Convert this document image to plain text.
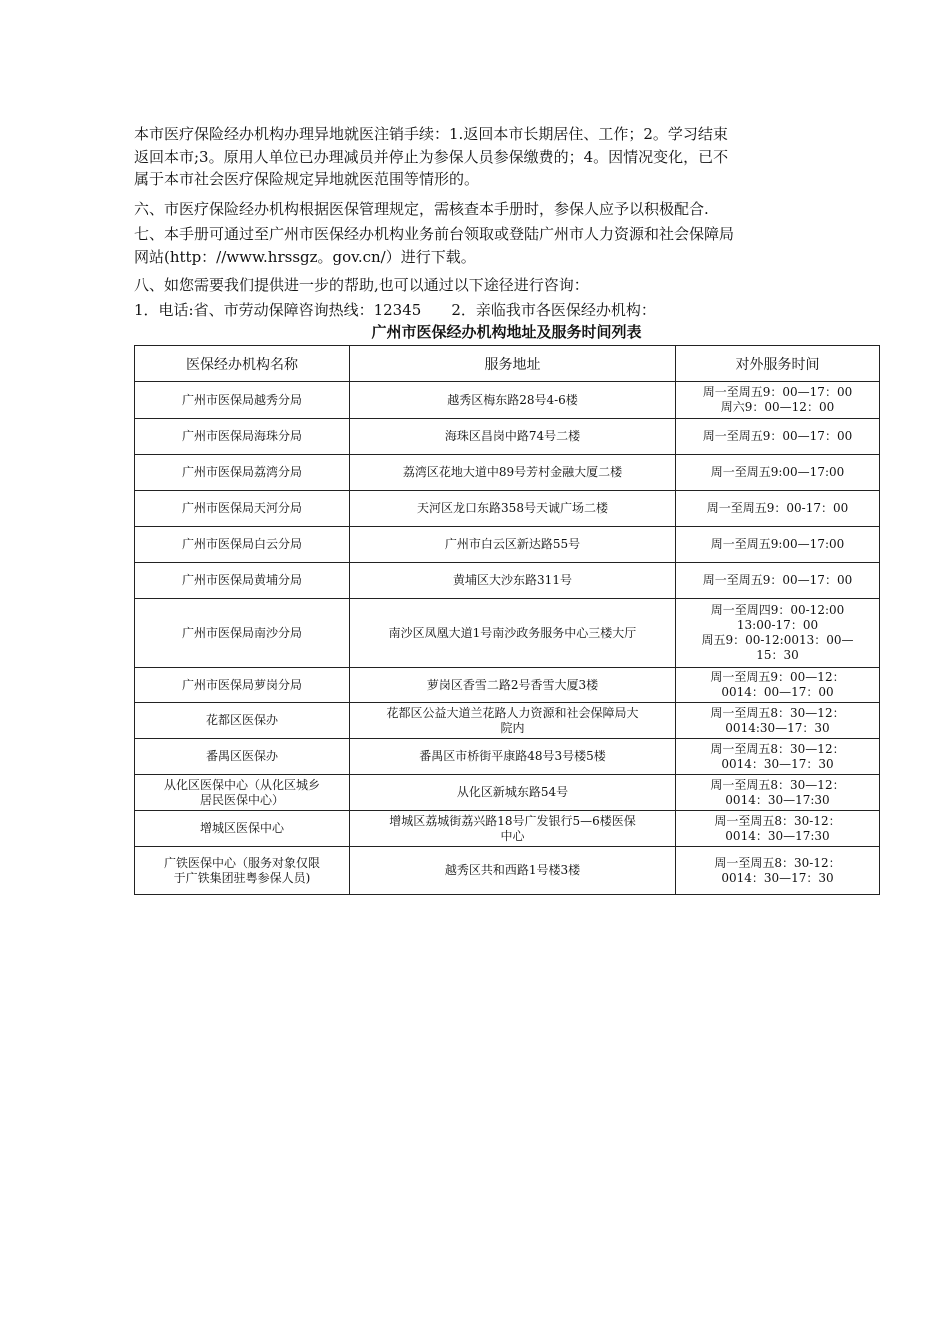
本市医疗保险经办机构办理异地就医注销手续：1.返回本市长期居住、工作；2。学习结束
返回本市;3。原用人单位已办理减员并停止为参保人员参保缴费的；4。因情况变化，已不
属于本市社会医疗保险规定异地就医范围等情形的。
六、市医疗保险经办机构根据医保管理规定，需核查本手册时，参保人应予以积极配合.
七、本手册可通过至广州市医保经办机构业务前台领取或登陆广州市人力资源和社会保障局
网站(http：//www.hrssgz。gov.cn/）进行下载。
八、如您需要我们提供进一步的帮助,也可以通过以下途径进行咨询：
1．电话:省、市劳动保障咨询热线：12345 2．亲临我市各医保经办机构：
广州市医保经办机构地址及服务时间列表
医保经办机构名称	服务地址	对外服务时间

广州市医保局越秀分局	越秀区梅东路28号4-6楼	周一至周五9：00—17：00
周六9：00—12：00

广州市医保局海珠分局	海珠区昌岗中路74号二楼	周一至周五9：00—17：00

广州市医保局荔湾分局	荔湾区花地大道中89号芳村金融大厦二楼	周一至周五9:00—17:00

广州市医保局天河分局	天河区龙口东路358号天诚广场二楼	周一至周五9：00-17：00

广州市医保局白云分局	广州市白云区新达路55号	周一至周五9:00—17:00

广州市医保局黄埔分局	黄埔区大沙东路311号	周一至周五9：00—17：00

广州市医保局南沙分局	南沙区凤凰大道1号南沙政务服务中心三楼大厅	周一至周四9：00-12:00
13:00-17：00
周五9：00-12:0013：00—
15：30

广州市医保局萝岗分局	萝岗区香雪二路2号香雪大厦3楼	周一至周五9：00—12：
0014：00—17：00

花都区医保办	花都区公益大道兰花路人力资源和社会保障局大
院内	周一至周五8：30—12：
0014:30—17：30

番禺区医保办	番禺区市桥街平康路48号3号楼5楼	周一至周五8：30—12：
0014：30—17：30

从化区医保中心（从化区城乡
居民医保中心）	从化区新城东路54号	周一至周五8：30—12：
0014：30—17:30

增城区医保中心	增城区荔城街荔兴路18号广发银行5—6楼医保
中心	周一至周五8：30-12：
0014：30—17:30

广铁医保中心（服务对象仅限
于广铁集团驻粤参保人员)	越秀区共和西路1号楼3楼	周一至周五8：30-12：
0014：30—17：30
